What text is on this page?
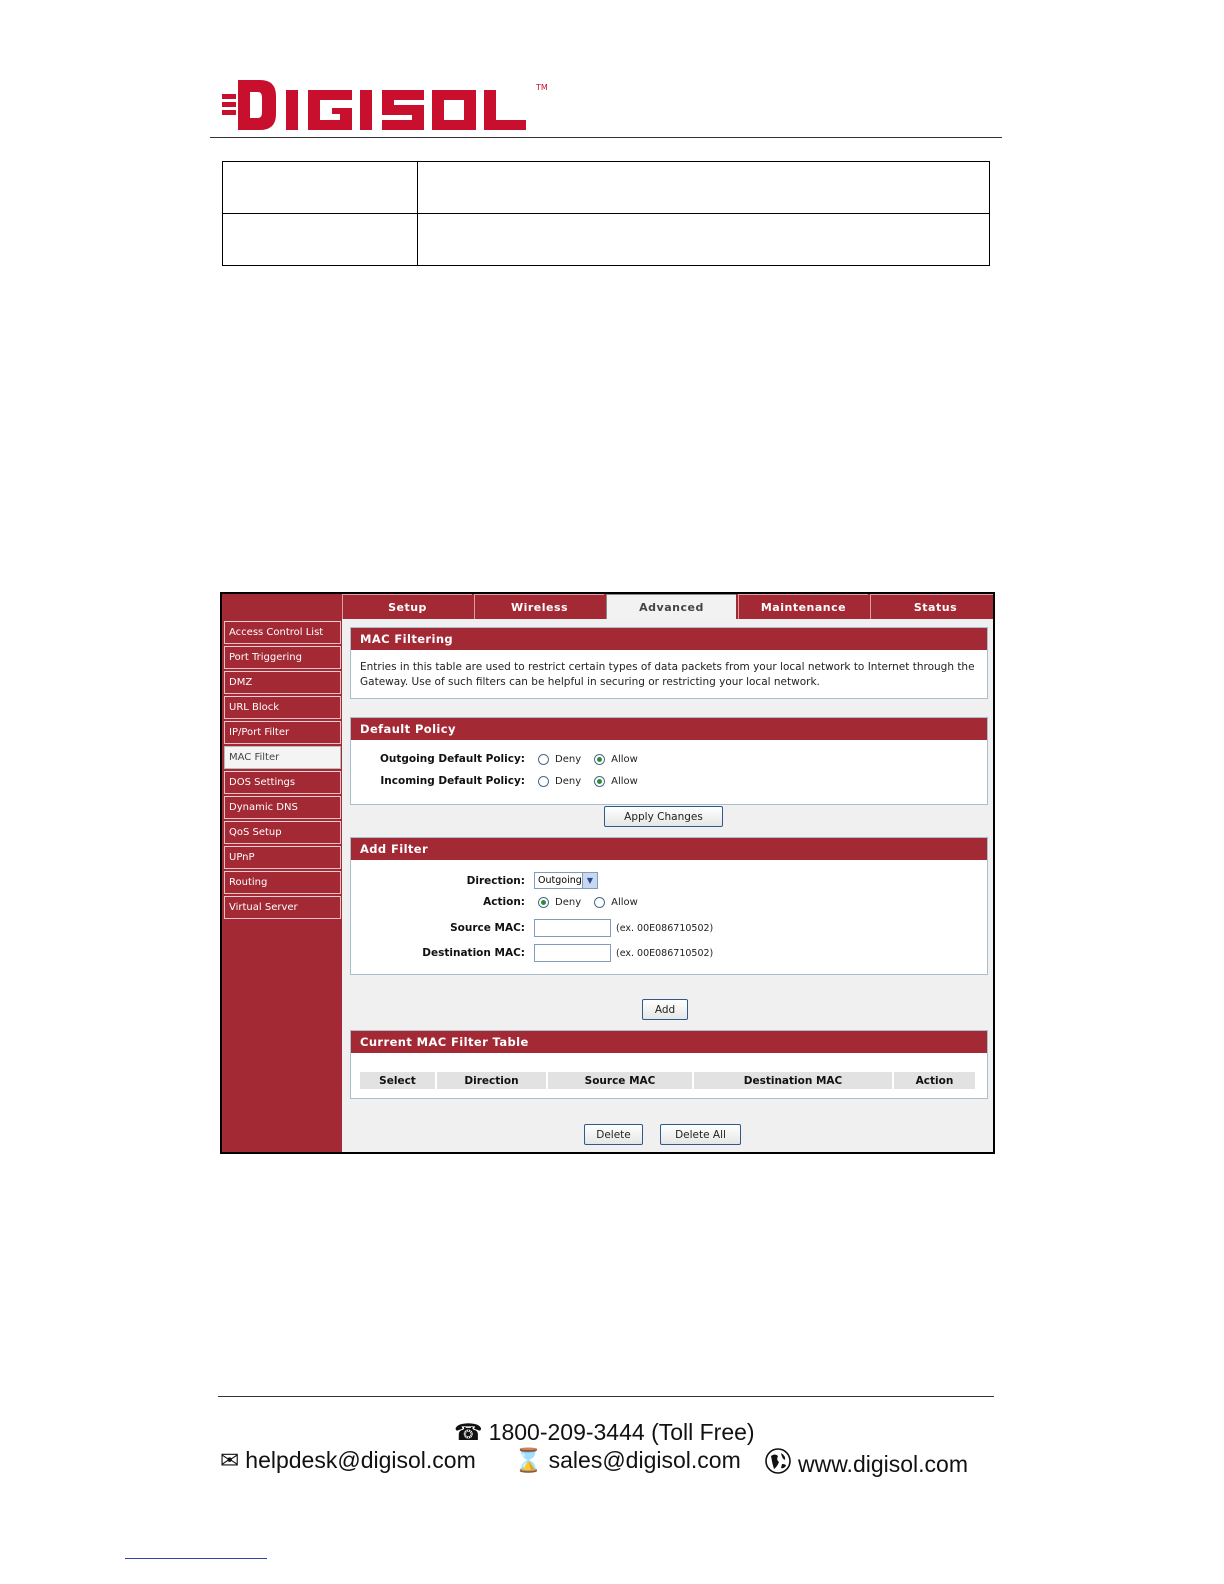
TM

Setup	Wireless	Advanced	Maintenance	Status
Access Control List
Port Triggering
DMZ
URL Block
IP/Port Filter
MAC Filter
DOS Settings
Dynamic DNS
QoS Setup
UPnP
Routing
Virtual Server
MAC Filtering
Entries in this table are used to restrict certain types of data packets from your local network to Internet through the Gateway. Use of such filters can be helpful in securing or restricting your local network.
Default Policy
Outgoing Default Policy:	Deny	Allow
Incoming Default Policy:	Deny	Allow
Apply Changes
Add Filter
Direction: Outgoing ▼
Action:	Deny	Allow
Source MAC:	(ex. 00E086710502)
Destination MAC:	(ex. 00E086710502)
Add
Current MAC Filter Table
Select	Direction	Source MAC	Destination MAC	Action
Delete	Delete All
☎ 1800-209-3444 (Toll Free)
✉ helpdesk@digisol.com ⌛ sales@digisol.com www.digisol.com
